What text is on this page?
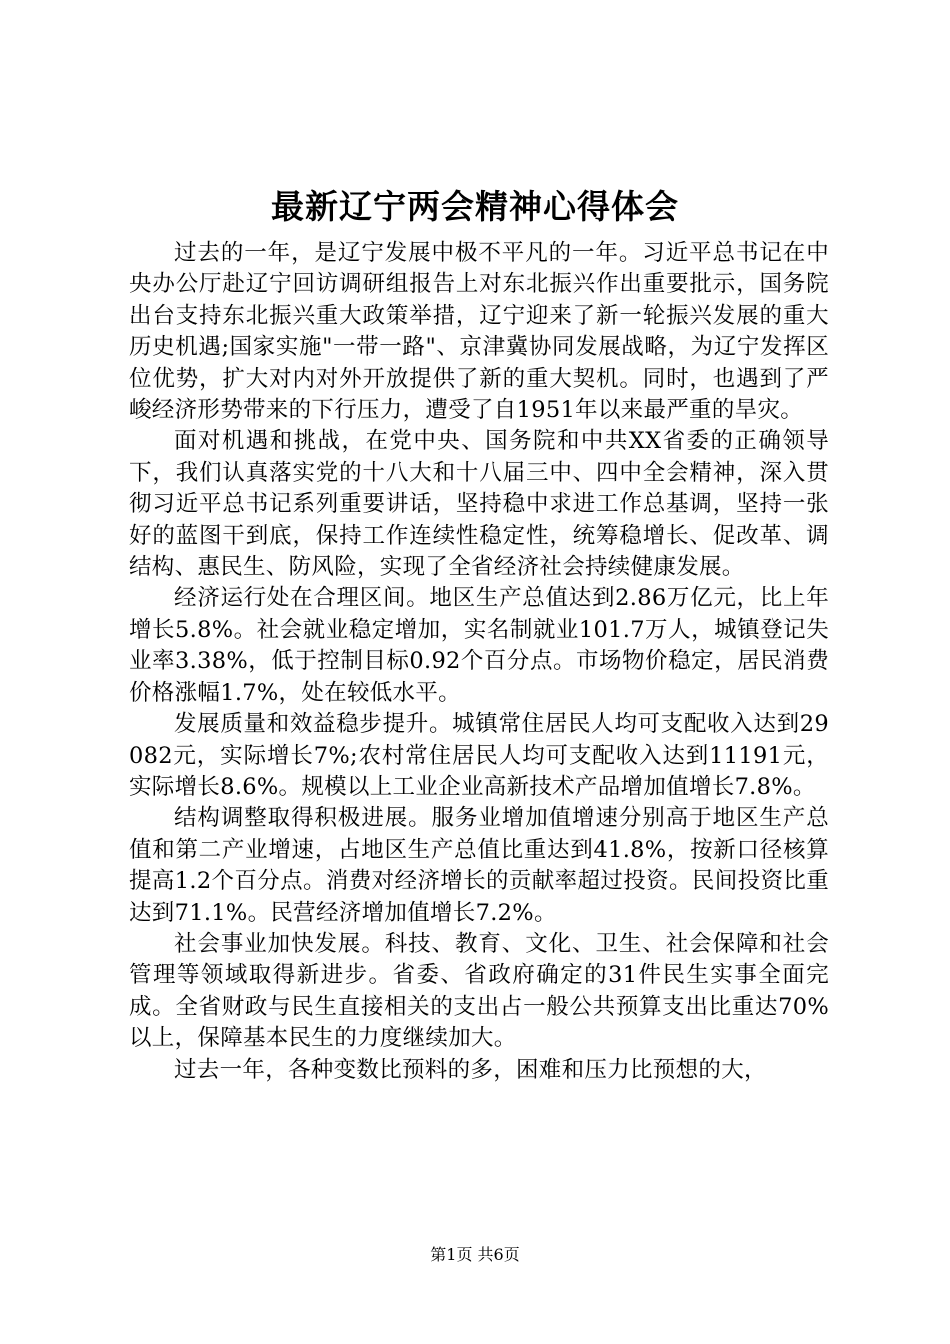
最新辽宁两会精神心得体会

过去的一年，是辽宁发展中极不平凡的一年。习近平总书记在中央办公厅赴辽宁回访调研组报告上对东北振兴作出重要批示，国务院出台支持东北振兴重大政策举措，辽宁迎来了新一轮振兴发展的重大历史机遇;国家实施"一带一路"、京津冀协同发展战略，为辽宁发挥区位优势，扩大对内对外开放提供了新的重大契机。同时，也遇到了严峻经济形势带来的下行压力，遭受了自1951年以来最严重的旱灾。

面对机遇和挑战，在党中央、国务院和中共XX省委的正确领导下，我们认真落实党的十八大和十八届三中、四中全会精神，深入贯彻习近平总书记系列重要讲话，坚持稳中求进工作总基调，坚持一张好的蓝图干到底，保持工作连续性稳定性，统筹稳增长、促改革、调结构、惠民生、防风险，实现了全省经济社会持续健康发展。

经济运行处在合理区间。地区生产总值达到2.86万亿元，比上年增长5.8%。社会就业稳定增加，实名制就业101.7万人，城镇登记失业率3.38%，低于控制目标0.92个百分点。市场物价稳定，居民消费价格涨幅1.7%，处在较低水平。

发展质量和效益稳步提升。城镇常住居民人均可支配收入达到29082元，实际增长7%;农村常住居民人均可支配收入达到11191元，实际增长8.6%。规模以上工业企业高新技术产品增加值增长7.8%。

结构调整取得积极进展。服务业增加值增速分别高于地区生产总值和第二产业增速，占地区生产总值比重达到41.8%，按新口径核算提高1.2个百分点。消费对经济增长的贡献率超过投资。民间投资比重达到71.1%。民营经济增加值增长7.2%。

社会事业加快发展。科技、教育、文化、卫生、社会保障和社会管理等领域取得新进步。省委、省政府确定的31件民生实事全面完成。全省财政与民生直接相关的支出占一般公共预算支出比重达70%以上，保障基本民生的力度继续加大。

过去一年，各种变数比预料的多，困难和压力比预想的大，

第1页 共6页
